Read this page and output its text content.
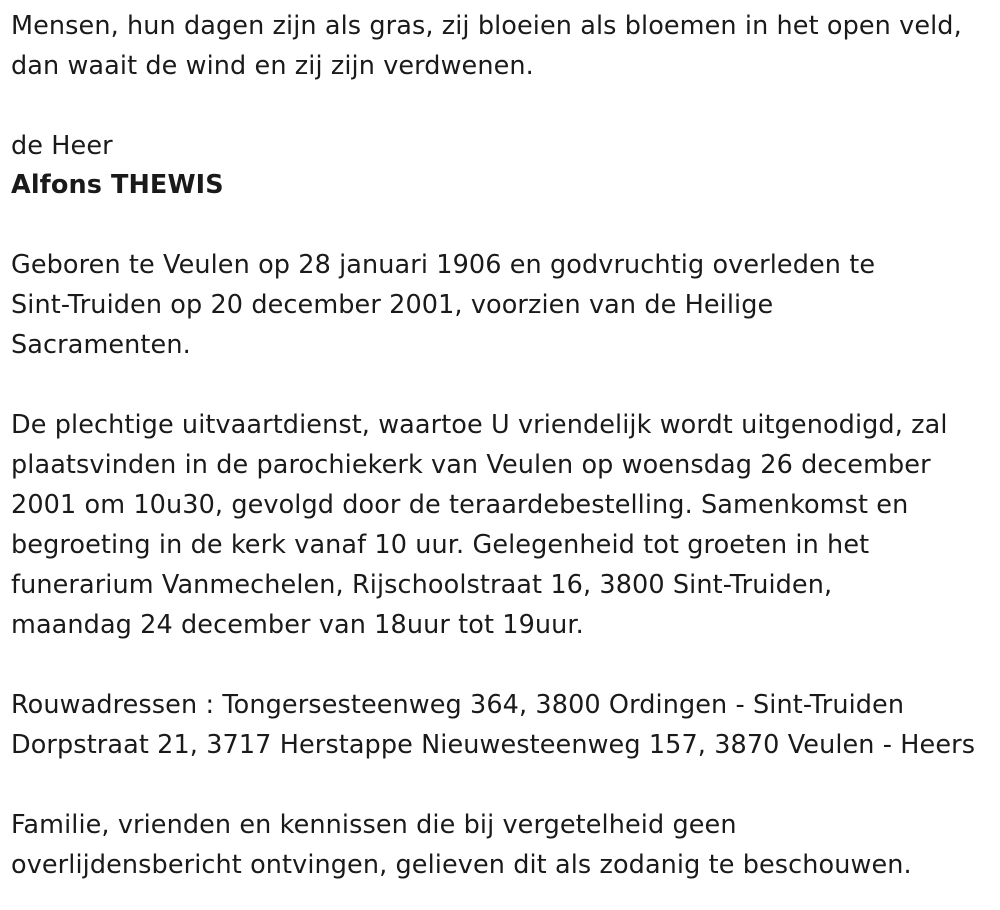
Mensen, hun dagen zijn als gras, zij bloeien als bloemen in het open veld,
dan waait de wind en zij zijn verdwenen.

de Heer
Alfons THEWIS

Geboren te Veulen op 28 januari 1906 en godvruchtig overleden te
Sint-Truiden op 20 december 2001, voorzien van de Heilige
Sacramenten.

De plechtige uitvaartdienst, waartoe U vriendelijk wordt uitgenodigd, zal
plaatsvinden in de parochiekerk van Veulen op woensdag 26 december
2001 om 10u30, gevolgd door de teraardebestelling. Samenkomst en
begroeting in de kerk vanaf 10 uur. Gelegenheid tot groeten in het
funerarium Vanmechelen, Rijschoolstraat 16, 3800 Sint-Truiden,
maandag 24 december van 18uur tot 19uur.

Rouwadressen : Tongersesteenweg 364, 3800 Ordingen - Sint-Truiden
Dorpstraat 21, 3717 Herstappe Nieuwesteenweg 157, 3870 Veulen - Heers

Familie, vrienden en kennissen die bij vergetelheid geen
overlijdensbericht ontvingen, gelieven dit als zodanig te beschouwen.
